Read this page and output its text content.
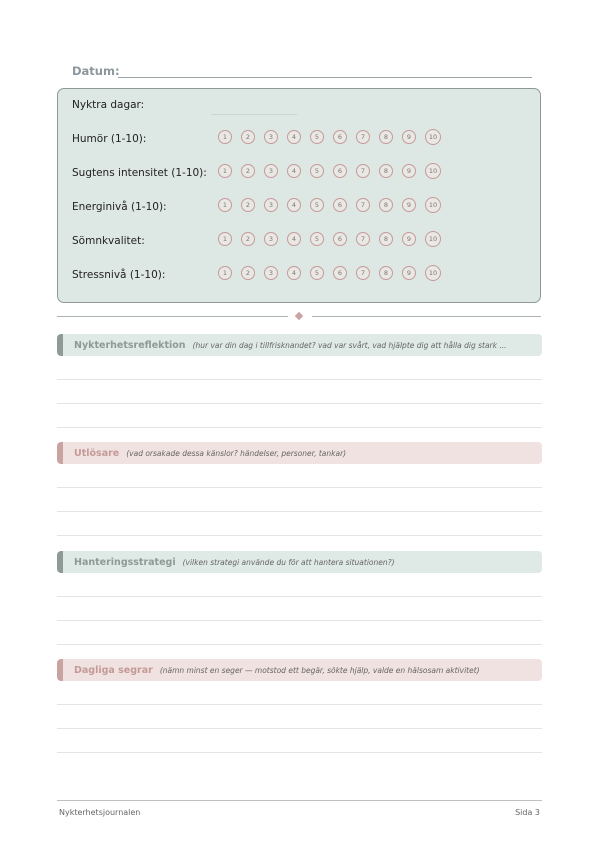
Datum:
Nyktra dagar:
Humör (1-10):	1	2	3	4	5	6	7	8	9	10
Sugtens intensitet (1-10):	1	2	3	4	5	6	7	8	9	10
Energinivå (1-10):	1	2	3	4	5	6	7	8	9	10
Sömnkvalitet:	1	2	3	4	5	6	7	8	9	10
Stressnivå (1-10):	1	2	3	4	5	6	7	8	9	10
Nykterhetsreflektion (hur var din dag i tillfrisknandet? vad var svårt, vad hjälpte dig att hålla dig stark ...
Utlösare (vad orsakade dessa känslor? händelser, personer, tankar)
Hanteringsstrategi (vilken strategi använde du för att hantera situationen?)
Dagliga segrar (nämn minst en seger — motstod ett begär, sökte hjälp, valde en hälsosam aktivitet)
Nykterhetsjournalen	Sida 3
